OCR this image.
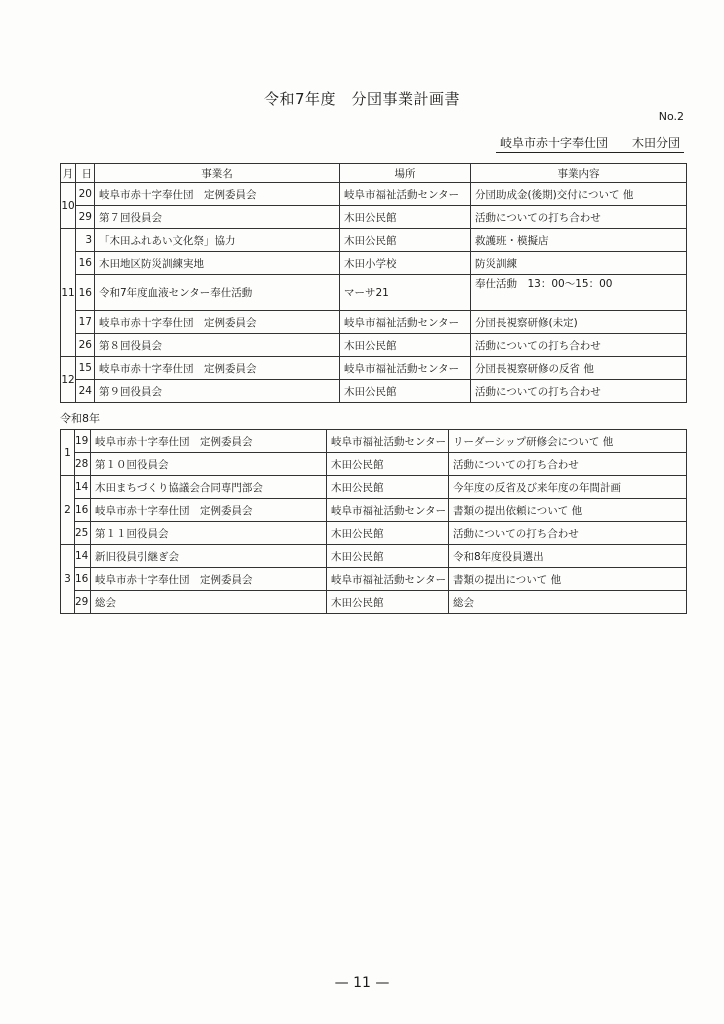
令和7年度　分団事業計画書
No.2
岐阜市赤十字奉仕団　　木田分団
月	日	事業名	場所	事業内容
10	20	岐阜市赤十字奉仕団　定例委員会	岐阜市福祉活動センター	分団助成金(後期)交付について 他
	29	第７回役員会	木田公民館	活動についての打ち合わせ
11	3	「木田ふれあい文化祭」協力	木田公民館	救護班・模擬店
	16	木田地区防災訓練実地	木田小学校	防災訓練
	16	令和7年度血液センター奉仕活動	マーサ21	奉仕活動　13：00～15：00
	17	岐阜市赤十字奉仕団　定例委員会	岐阜市福祉活動センター	分団長視察研修(未定)
	26	第８回役員会	木田公民館	活動についての打ち合わせ
12	15	岐阜市赤十字奉仕団　定例委員会	岐阜市福祉活動センター	分団長視察研修の反省 他
	24	第９回役員会	木田公民館	活動についての打ち合わせ
令和8年
1	19	岐阜市赤十字奉仕団　定例委員会	岐阜市福祉活動センター	リーダーシップ研修会について 他
	28	第１０回役員会	木田公民館	活動についての打ち合わせ
2	14	木田まちづくり協議会合同専門部会	木田公民館	今年度の反省及び来年度の年間計画
	16	岐阜市赤十字奉仕団　定例委員会	岐阜市福祉活動センター	書類の提出依頼について 他
	25	第１１回役員会	木田公民館	活動についての打ち合わせ
3	14	新旧役員引継ぎ会	木田公民館	令和8年度役員選出
	16	岐阜市赤十字奉仕団　定例委員会	岐阜市福祉活動センター	書類の提出について 他
	29	総会	木田公民館	総会
— 11 —
